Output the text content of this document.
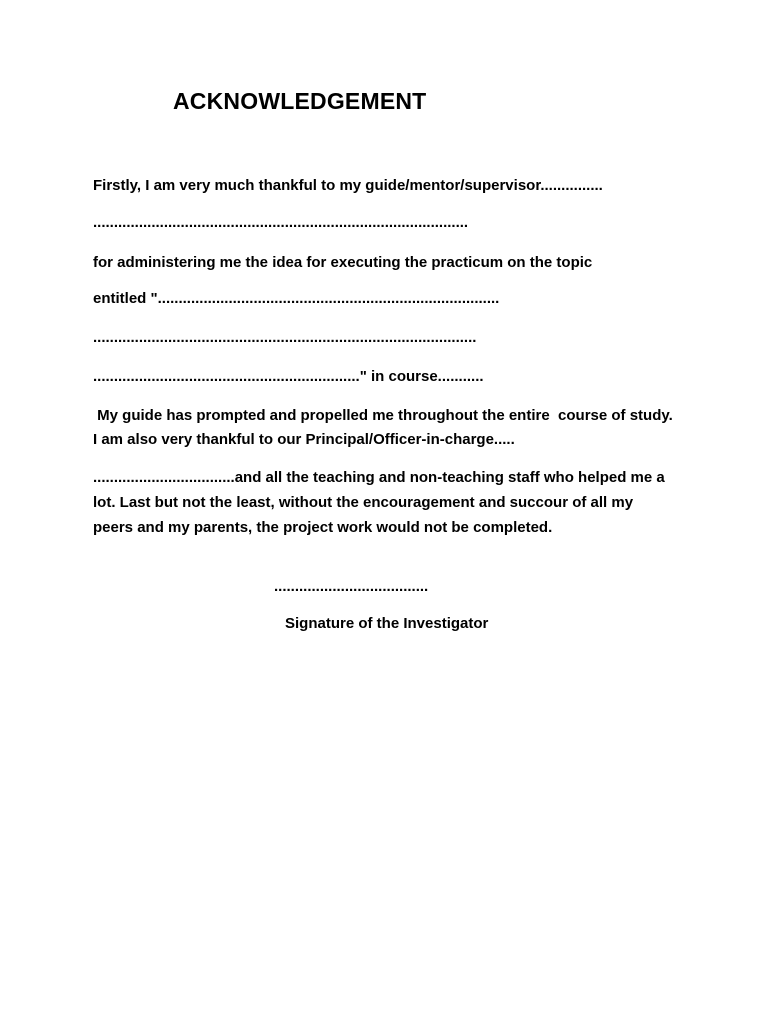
ACKNOWLEDGEMENT
Firstly, I am very much thankful to my guide/mentor/supervisor...............
..........................................................................................
for administering me the idea for executing the practicum on the topic
entitled "..................................................................................
............................................................................................
................................................................" in course...........
My guide has prompted and propelled me throughout the entire  course of study. I am also very thankful to our Principal/Officer-in-charge.....
..................................and all the teaching and non-teaching staff who helped me a lot. Last but not the least, without the encouragement and succour of all my peers and my parents, the project work would not be completed.
.....................................
Signature of the Investigator
